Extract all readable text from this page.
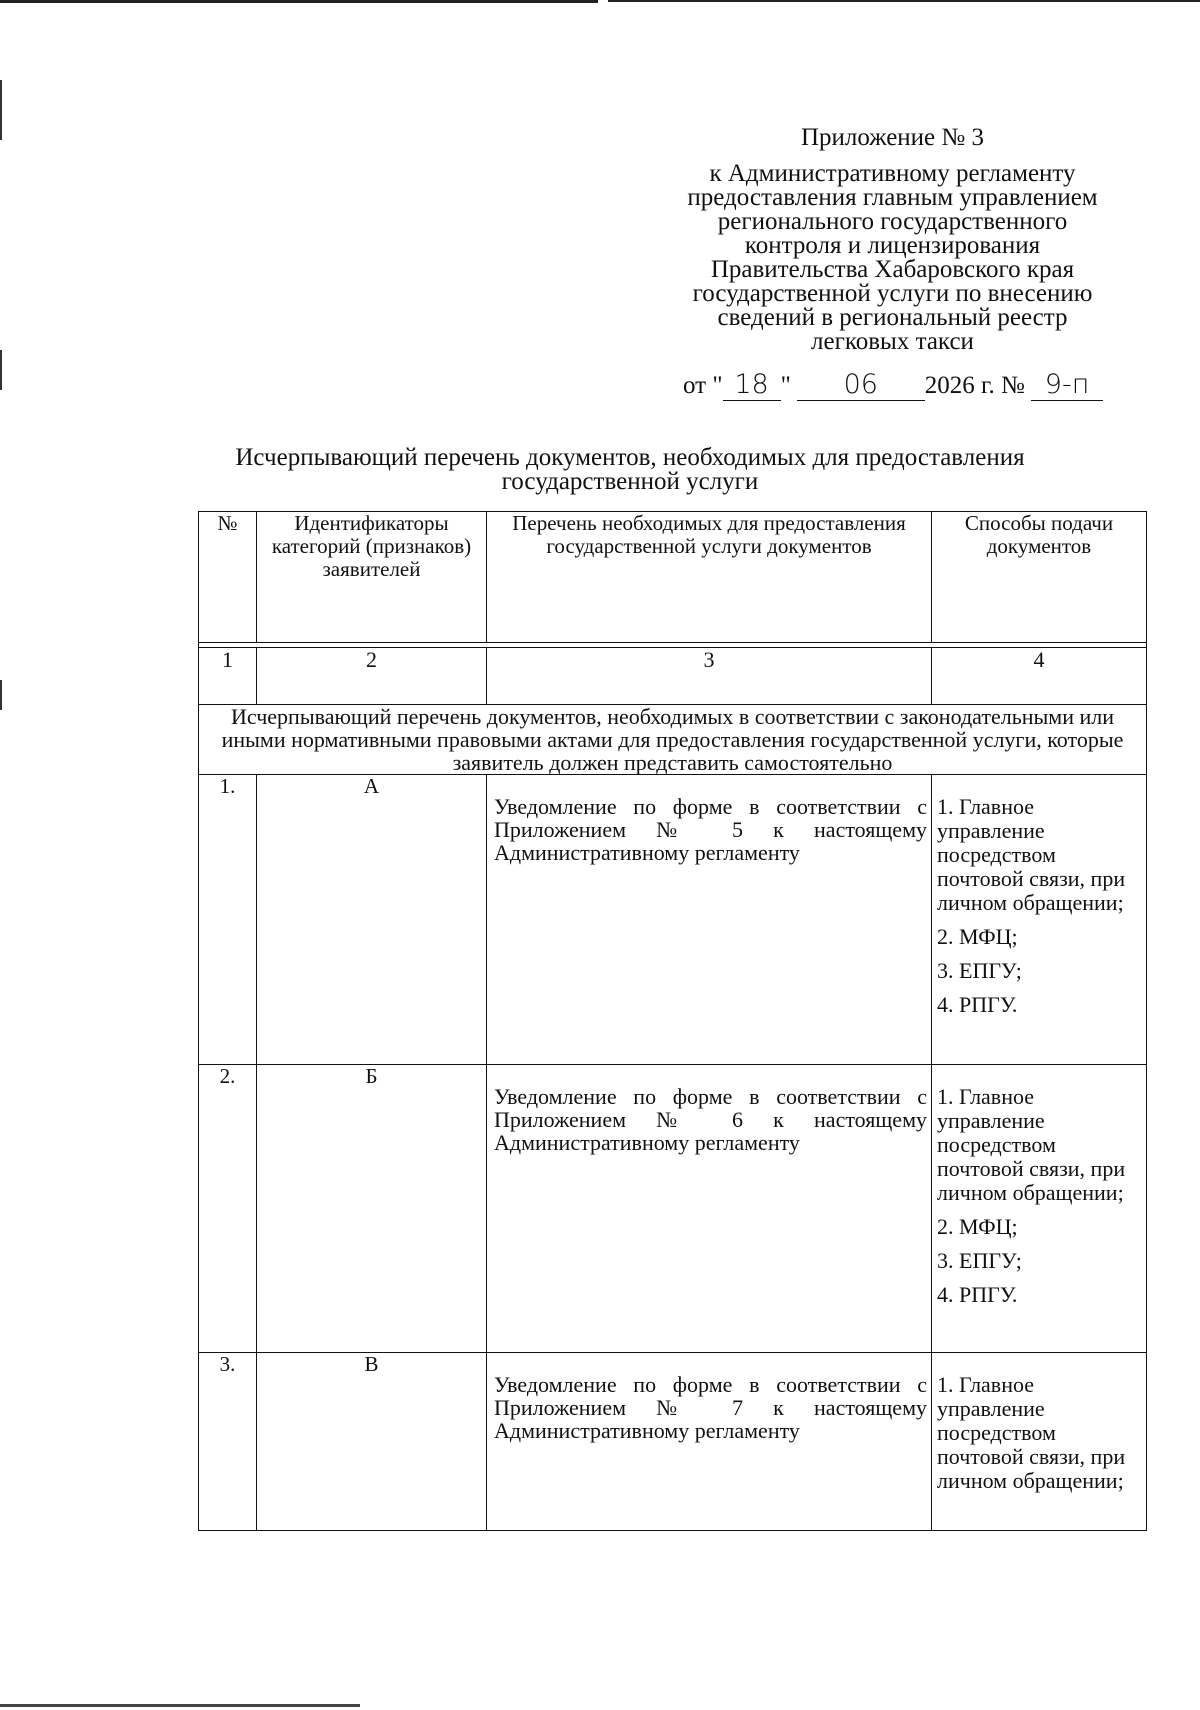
Приложение № 3
к Административному регламенту
предоставления главным управлением
регионального государственного
контроля и лицензирования
Правительства Хабаровского края
государственной услуги по внесению
сведений в региональный реестр
легковых такси
от " 18 " 06 2026 г. № 9-п
Исчерпывающий перечень документов, необходимых для предоставления государственной услуги
№	Идентификаторы категорий (признаков) заявителей	Перечень необходимых для предоставления государственной услуги документов	Способы подачи документов

1	2	3	4
Исчерпывающий перечень документов, необходимых в соответствии с законодательными или иными нормативными правовыми актами для предоставления государственной услуги, которые заявитель должен представить самостоятельно			
1.	А	Уведомление по форме в соответствии с Приложением № 5 к настоящему Административному регламенту	1. Главное управление посредством почтовой связи, при личном обращении;
2. МФЦ;
3. ЕПГУ;
4. РПГУ.

2.	Б	Уведомление по форме в соответствии с Приложением № 6 к настоящему Административному регламенту	1. Главное управление посредством почтовой связи, при личном обращении;
2. МФЦ;
3. ЕПГУ;
4. РПГУ.

3.	В	Уведомление по форме в соответствии с Приложением № 7 к настоящему Административному регламенту	1. Главное управление посредством почтовой связи, при личном обращении;
